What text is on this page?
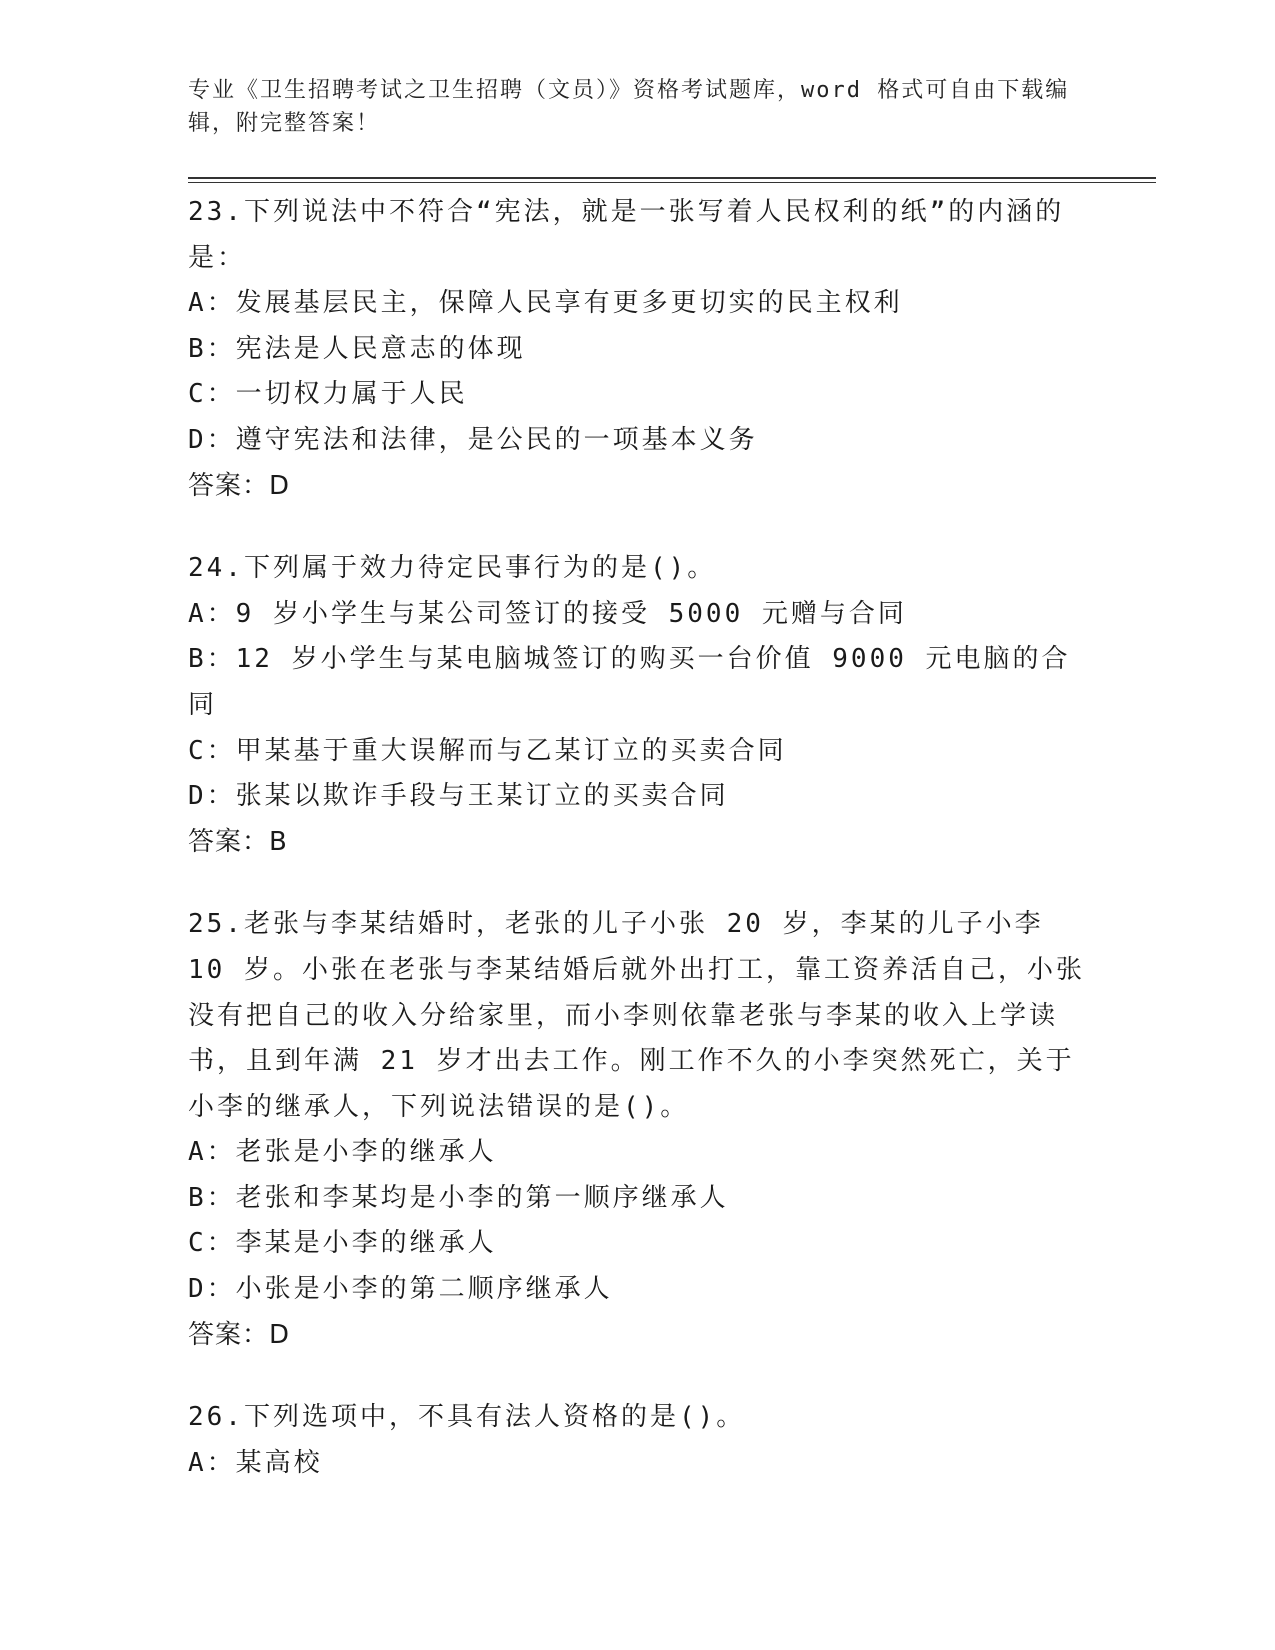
专业《卫生招聘考试之卫生招聘（文员）》资格考试题库，word 格式可自由下载编辑，附完整答案！
23.下列说法中不符合“宪法，就是一张写着人民权利的纸”的内涵的是：
A：发展基层民主，保障人民享有更多更切实的民主权利
B：宪法是人民意志的体现
C：一切权力属于人民
D：遵守宪法和法律，是公民的一项基本义务
答案：D
24.下列属于效力待定民事行为的是()。
A：9 岁小学生与某公司签订的接受 5000 元赠与合同
B：12 岁小学生与某电脑城签订的购买一台价值 9000 元电脑的合同
C：甲某基于重大误解而与乙某订立的买卖合同
D：张某以欺诈手段与王某订立的买卖合同
答案：B
25.老张与李某结婚时，老张的儿子小张 20 岁，李某的儿子小李 10 岁。小张在老张与李某结婚后就外出打工，靠工资养活自己，小张没有把自己的收入分给家里，而小李则依靠老张与李某的收入上学读书，且到年满 21 岁才出去工作。刚工作不久的小李突然死亡，关于小李的继承人，下列说法错误的是()。
A：老张是小李的继承人
B：老张和李某均是小李的第一顺序继承人
C：李某是小李的继承人
D：小张是小李的第二顺序继承人
答案：D
26.下列选项中，不具有法人资格的是()。
A：某高校
